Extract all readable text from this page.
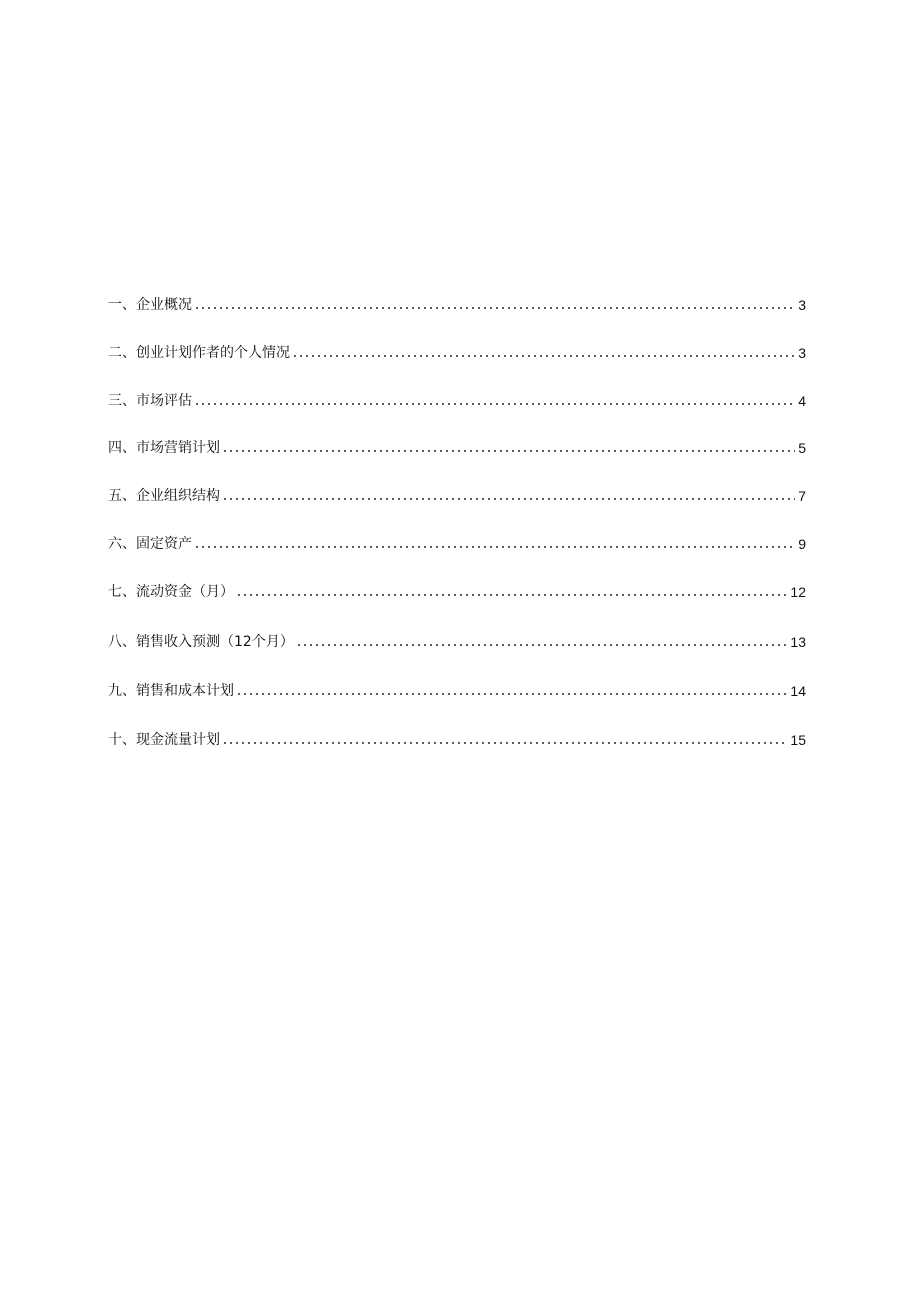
一、企业概况	3
二、创业计划作者的个人情况	3
三、市场评估	4
四、市场营销计划	5
五、企业组织结构	7
六、固定资产	9
七、流动资金（月）	12
八、销售收入预测（12个月）	13
九、销售和成本计划	14
十、现金流量计划	15
